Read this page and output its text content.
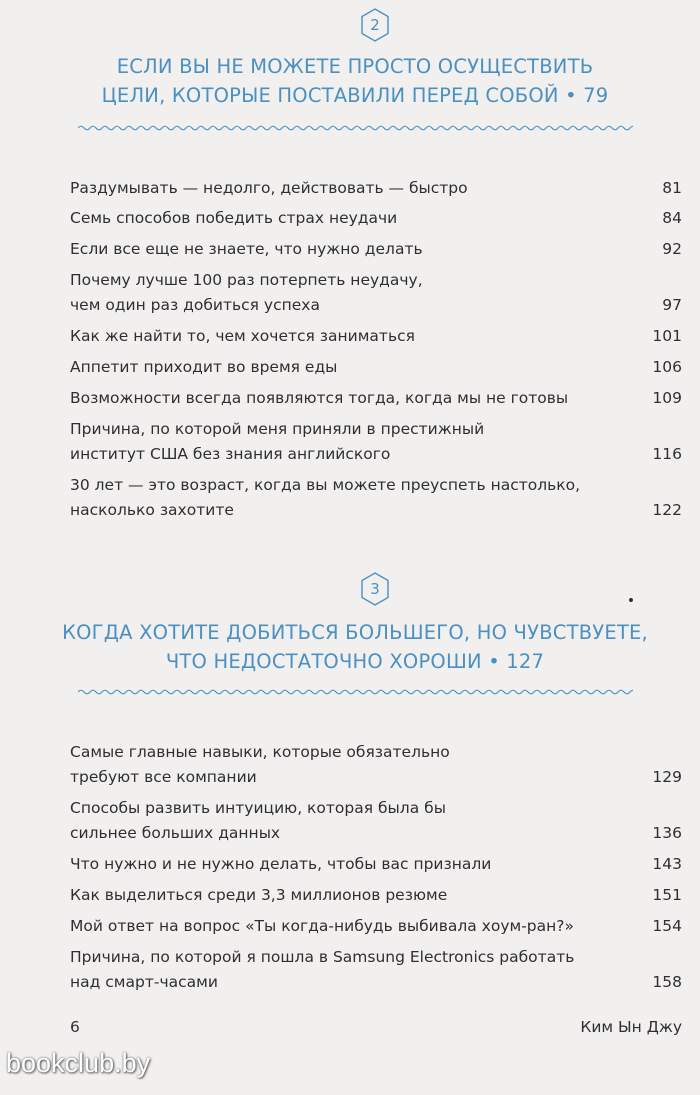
2
ЕСЛИ ВЫ НЕ МОЖЕТЕ ПРОСТО ОСУЩЕСТВИТЬ
ЦЕЛИ, КОТОРЫЕ ПОСТАВИЛИ ПЕРЕД СОБОЙ • 79
Раздумывать — недолго, действовать — быстро	81
Семь способов победить страх неудачи	84
Если все еще не знаете, что нужно делать	92
Почему лучше 100 раз потерпеть неудачу,
чем один раз добиться успеха	97
Как же найти то, чем хочется заниматься	101
Аппетит приходит во время еды	106
Возможности всегда появляются тогда, когда мы не готовы	109
Причина, по которой меня приняли в престижный
институт США без знания английского	116
30 лет — это возраст, когда вы можете преуспеть настолько,
насколько захотите	122
3
КОГДА ХОТИТЕ ДОБИТЬСЯ БОЛЬШЕГО, НО ЧУВСТВУЕТЕ,
ЧТО НЕДОСТАТОЧНО ХОРОШИ • 127
Самые главные навыки, которые обязательно
требуют все компании	129
Способы развить интуицию, которая была бы
сильнее больших данных	136
Что нужно и не нужно делать, чтобы вас признали	143
Как выделиться среди 3,3 миллионов резюме	151
Мой ответ на вопрос «Ты когда-нибудь выбивала хоум-ран?»	154
Причина, по которой я пошла в Samsung Electronics работать
над смарт-часами	158
6	Ким Ын Джу
bookclub.by
